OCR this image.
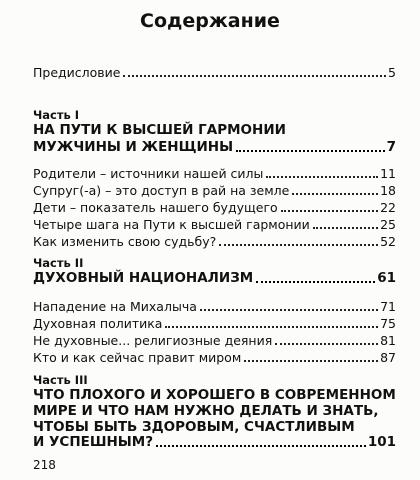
Содержание
Предисловие	5
Часть I
НА ПУТИ К ВЫСШЕЙ ГАРМОНИИ
МУЖЧИНЫ И ЖЕНЩИНЫ	7
Родители – источники нашей силы	11
Супруг(-а) – это доступ в рай на земле	18
Дети – показатель нашего будущего	22
Четыре шага на Пути к высшей гармонии	25
Как изменить свою судьбу?	52
Часть II
ДУХОВНЫЙ НАЦИОНАЛИЗМ	61
Нападение на Михалыча	71
Духовная политика	75
Не духовные... религиозные деяния	81
Кто и как сейчас правит миром	87
Часть III
ЧТО ПЛОХОГО И ХОРОШЕГО В СОВРЕМЕННОМ
МИРЕ И ЧТО НАМ НУЖНО ДЕЛАТЬ И ЗНАТЬ,
ЧТОБЫ БЫТЬ ЗДОРОВЫМ, СЧАСТЛИВЫМ
И УСПЕШНЫМ?	101
218
